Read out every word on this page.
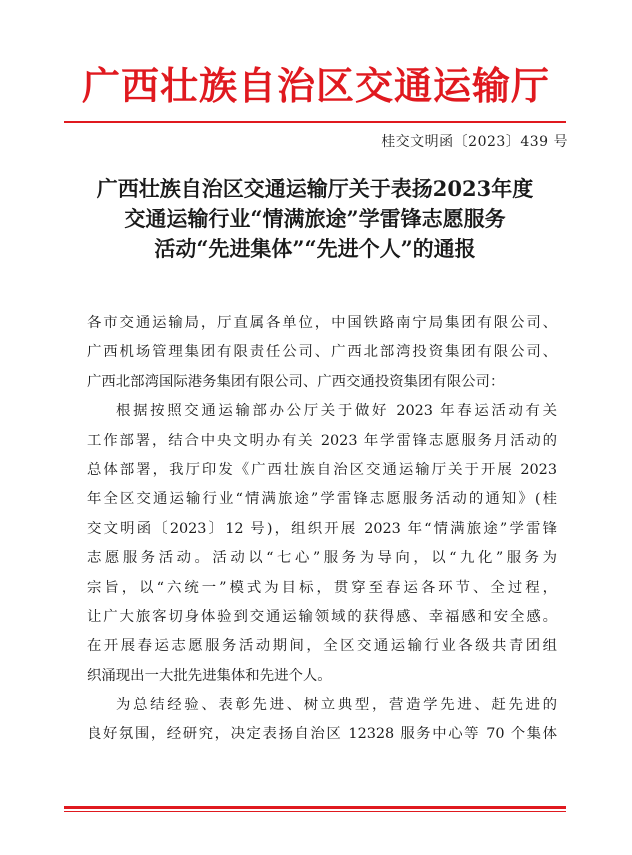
广西壮族自治区交通运输厅
桂交文明函〔2023〕439 号
广西壮族自治区交通运输厅关于表扬2023年度
交通运输行业“情满旅途”学雷锋志愿服务
活动“先进集体”“先进个人”的通报
各市交通运输局，厅直属各单位，中国铁路南宁局集团有限公司、
广西机场管理集团有限责任公司、广西北部湾投资集团有限公司、
广西北部湾国际港务集团有限公司、广西交通投资集团有限公司：
根据按照交通运输部办公厅关于做好 2023 年春运活动有关
工作部署，结合中央文明办有关 2023 年学雷锋志愿服务月活动的
总体部署，我厅印发《广西壮族自治区交通运输厅关于开展 2023
年全区交通运输行业“情满旅途”学雷锋志愿服务活动的通知》(桂
交文明函〔2023〕12 号)，组织开展 2023 年“情满旅途”学雷锋
志愿服务活动。活动以“七心”服务为导向，以“九化”服务为
宗旨，以“六统一”模式为目标，贯穿至春运各环节、全过程，
让广大旅客切身体验到交通运输领域的获得感、幸福感和安全感。
在开展春运志愿服务活动期间，全区交通运输行业各级共青团组
织涌现出一大批先进集体和先进个人。
为总结经验、表彰先进、树立典型，营造学先进、赶先进的
良好氛围，经研究，决定表扬自治区 12328 服务中心等 70 个集体
